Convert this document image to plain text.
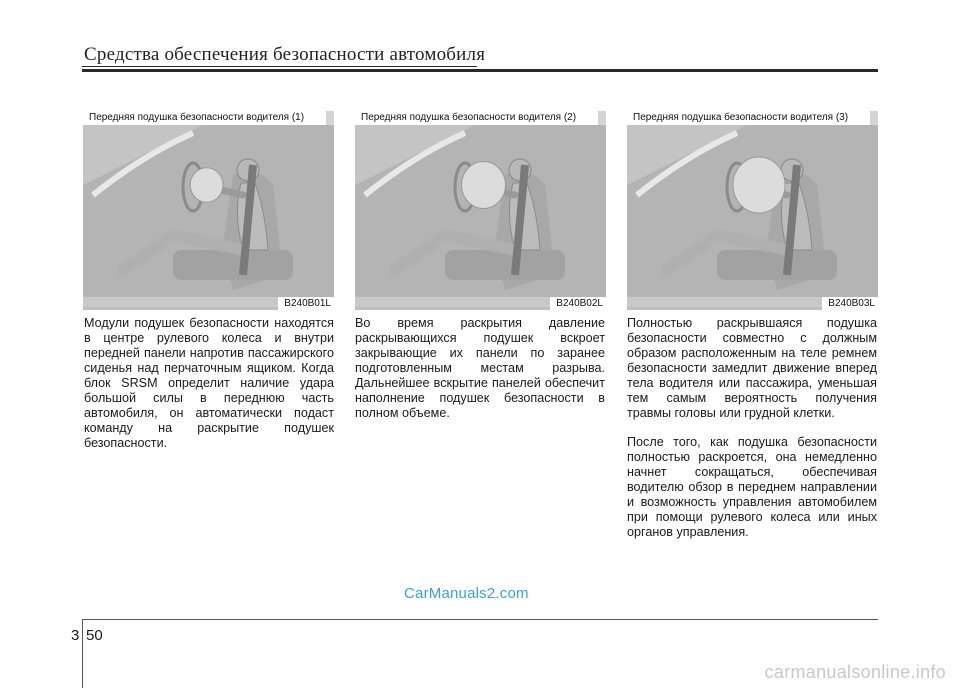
Средства обеспечения безопасности автомобиля
Передняя подушка безопасности водителя (1)
B240B01L
Передняя подушка безопасности водителя (2)
B240B02L
Передняя подушка безопасности водителя (3)
B240B03L

Модули подушек безопасности находятся в центре рулевого колеса и внутри передней панели напротив пассажирского сиденья над перчаточным ящиком. Когда блок SRSM определит наличие удара большой силы в переднюю часть автомобиля, он автоматически подаст команду на раскрытие подушек безопасности.

Во время раскрытия давление раскрывающихся подушек вскроет закрывающие их панели по заранее подготовленным местам разрыва. Дальнейшее вскрытие панелей обеспечит наполнение подушек безопасности в полном объеме.

Полностью раскрывшаяся подушка безопасности совместно с должным образом расположенным на теле ремнем безопасности замедлит движение вперед тела водителя или пассажира, уменьшая тем самым вероятность получения травмы головы или грудной клетки.

После того, как подушка безопасности полностью раскроется, она немедленно начнет сокращаться, обеспечивая водителю обзор в переднем направлении и возможность управления автомобилем при помощи рулевого колеса или иных органов управления.

CarManuals2.com
3 50
carmanualsonline.info
